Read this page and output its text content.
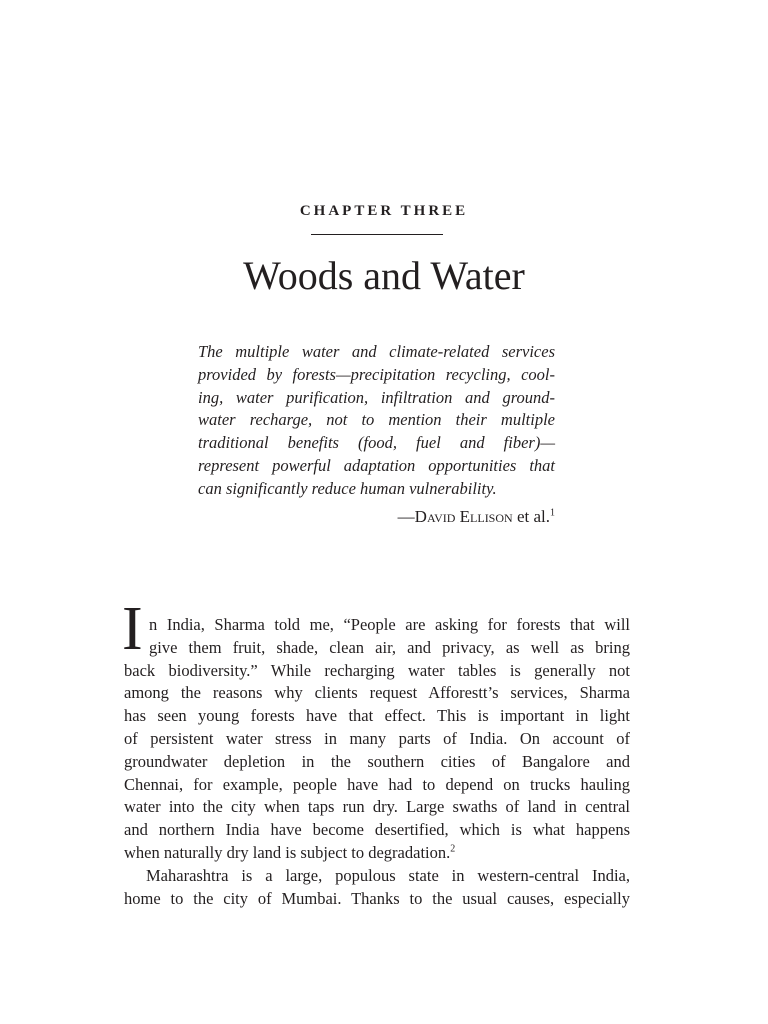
CHAPTER THREE
Woods and Water
The multiple water and climate-related services
provided by forests—precipitation recycling, cool-
ing, water purification, infiltration and ground-
water recharge, not to mention their multiple
traditional benefits (food, fuel and fiber)—
represent powerful adaptation opportunities that
can significantly reduce human vulnerability.
—David Ellison et al.$^1$
I n India, Sharma told me, “People are asking for forests that will
give them fruit, shade, clean air, and privacy, as well as bring
back biodiversity.” While recharging water tables is generally not
among the reasons why clients request Afforestt’s services, Sharma
has seen young forests have that effect. This is important in light
of persistent water stress in many parts of India. On account of
groundwater depletion in the southern cities of Bangalore and
Chennai, for example, people have had to depend on trucks hauling
water into the city when taps run dry. Large swaths of land in central
and northern India have become desertified, which is what happens
when naturally dry land is subject to degradation.$^2$
Maharashtra is a large, populous state in western-central India,
home to the city of Mumbai. Thanks to the usual causes, especially
